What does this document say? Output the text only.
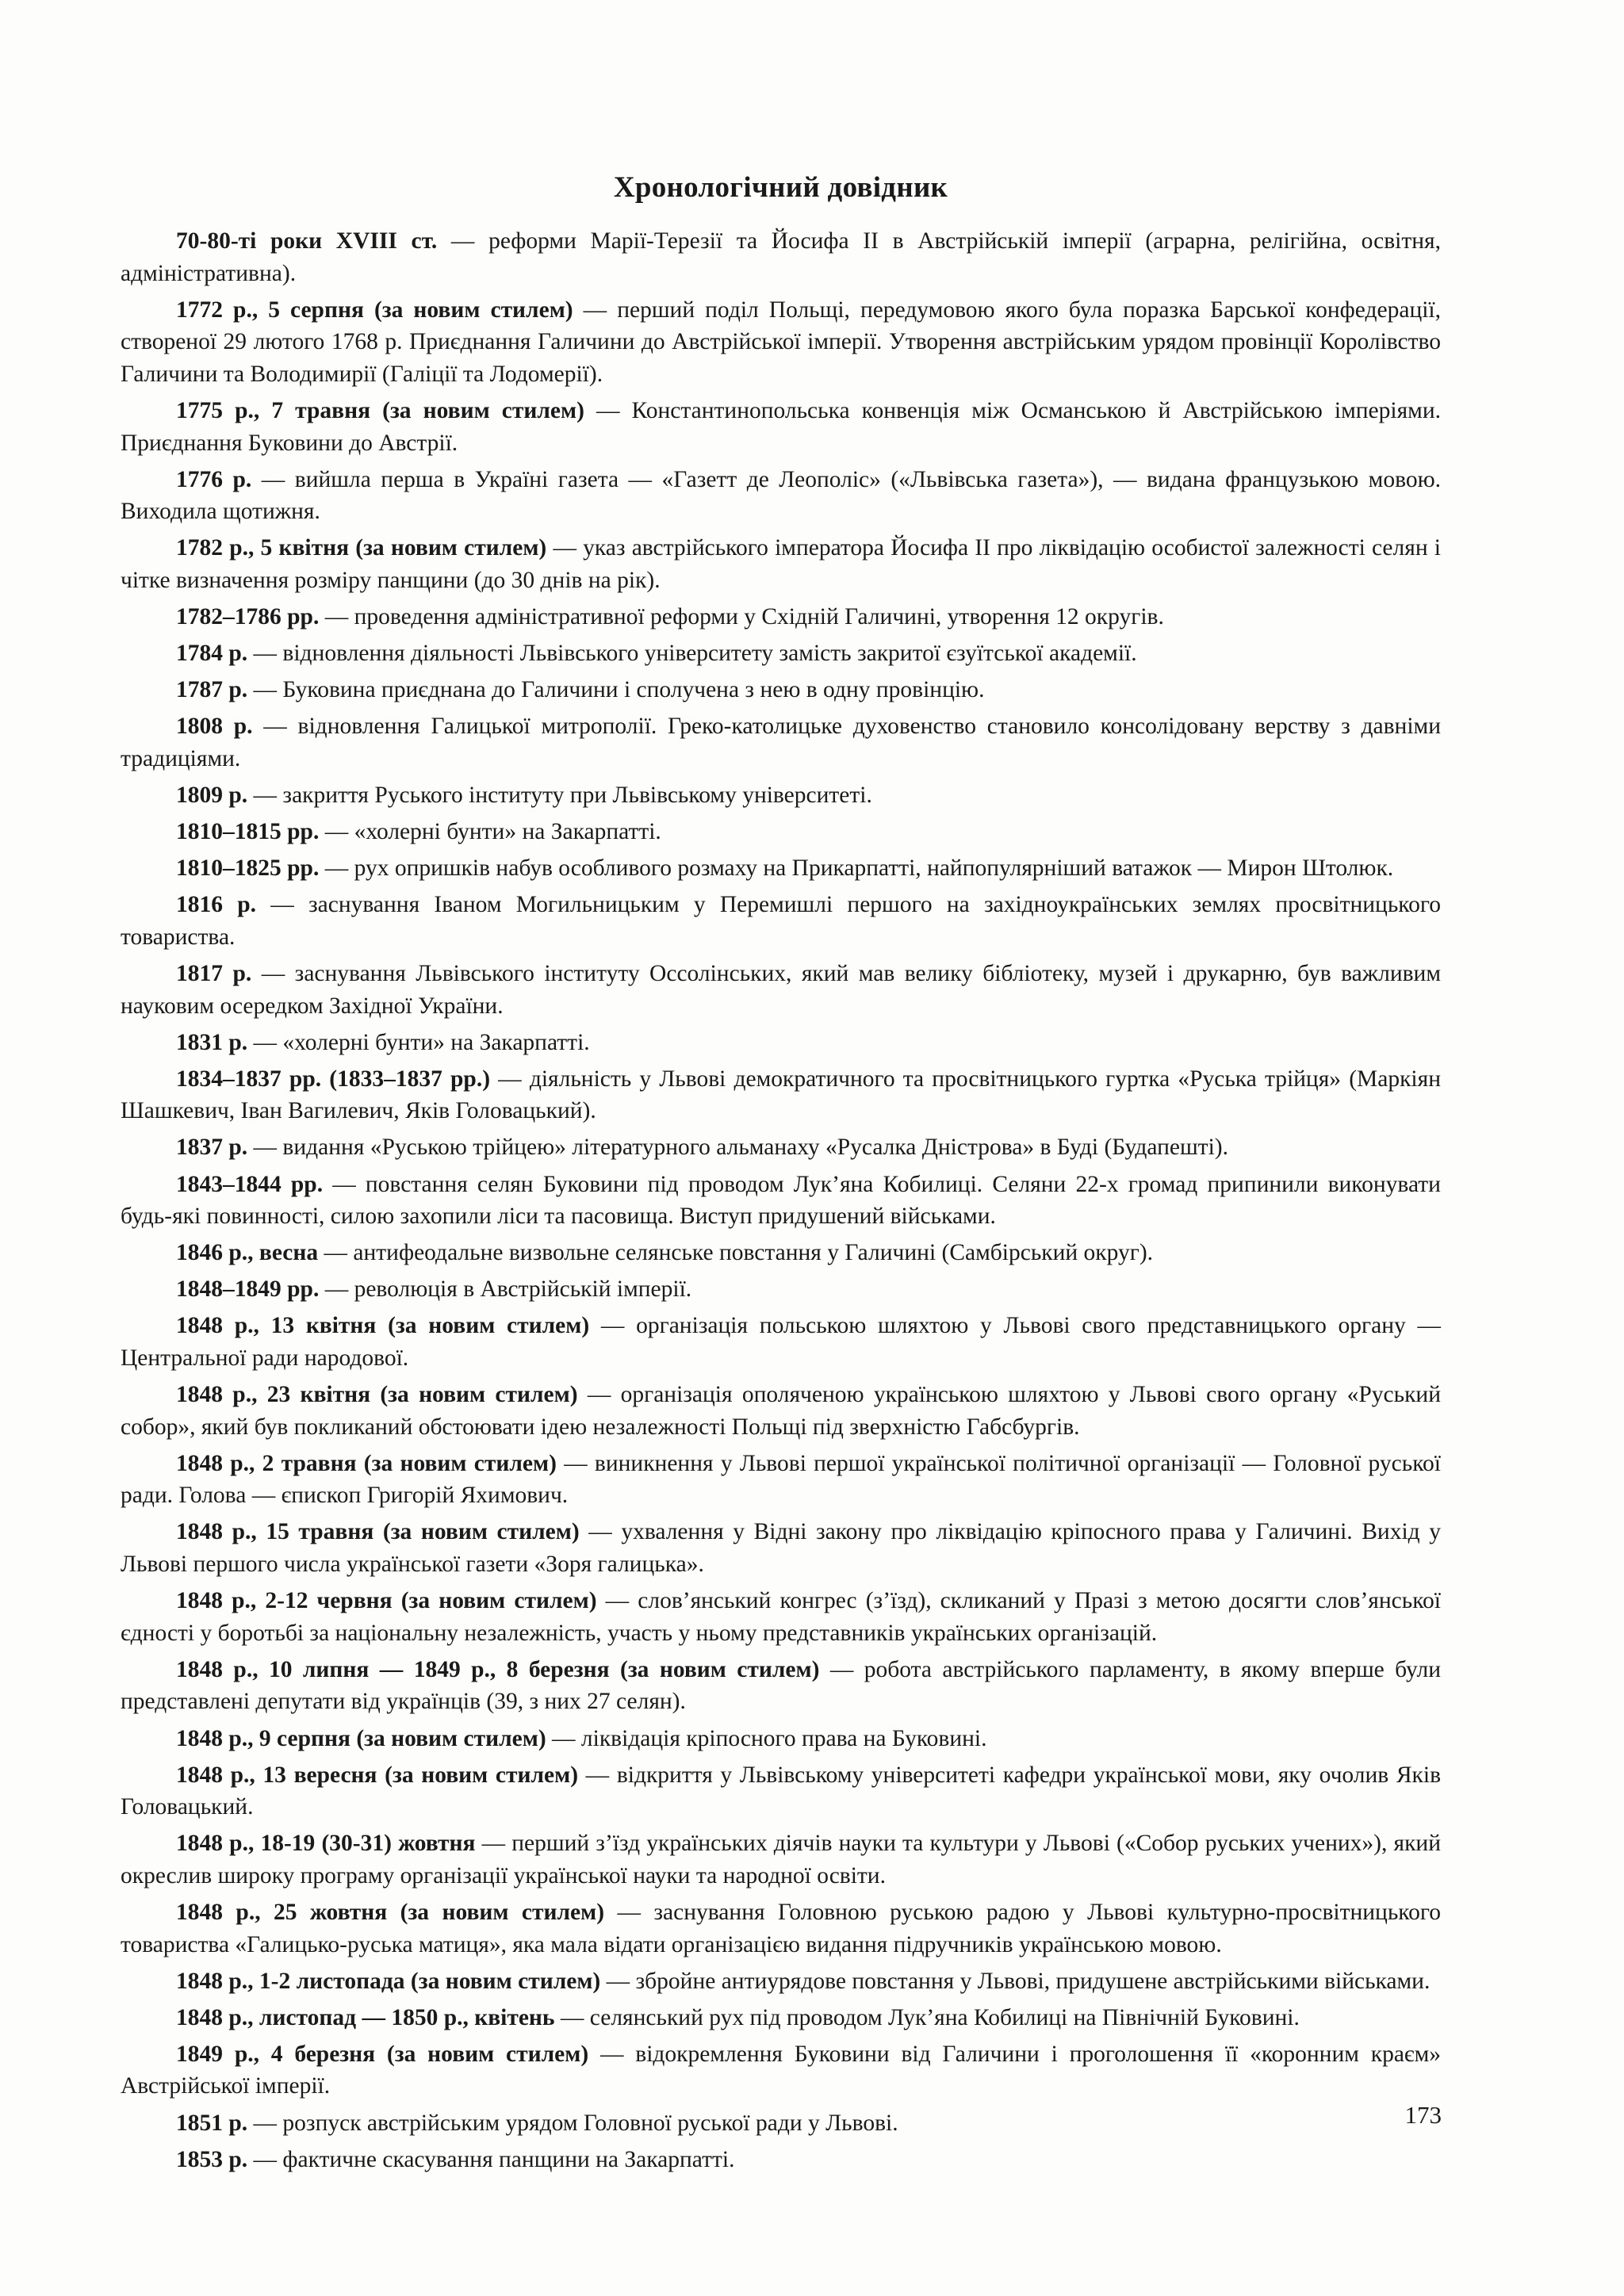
Хронологічний довідник

70-80-ті роки XVIII ст. — реформи Марії-Терезії та Йосифа II в Австрійській імперії (аграрна, релігійна, освітня, адміністративна).

1772 р., 5 серпня (за новим стилем) — перший поділ Польщі, передумовою якого була поразка Барської конфедерації, створеної 29 лютого 1768 р. Приєднання Галичини до Австрійської імперії. Утворення австрійським урядом провінції Королівство Галичини та Володимирії (Галіції та Лодомерії).

1775 р., 7 травня (за новим стилем) — Константинопольська конвенція між Османською й Австрійською імперіями. Приєднання Буковини до Австрії.

1776 р. — вийшла перша в Україні газета — «Газетт де Леополіс» («Львівська газета»), — видана французькою мовою. Виходила щотижня.

1782 р., 5 квітня (за новим стилем) — указ австрійського імператора Йосифа II про ліквідацію особистої залежності селян і чітке визначення розміру панщини (до 30 днів на рік).

1782–1786 рр. — проведення адміністративної реформи у Східній Галичині, утворення 12 округів.

1784 р. — відновлення діяльності Львівського університету замість закритої єзуїтської академії.

1787 р. — Буковина приєднана до Галичини і сполучена з нею в одну провінцію.

1808 р. — відновлення Галицької митрополії. Греко-католицьке духовенство становило консолідовану верству з давніми традиціями.

1809 р. — закриття Руського інституту при Львівському університеті.

1810–1815 рр. — «холерні бунти» на Закарпатті.

1810–1825 рр. — рух опришків набув особливого розмаху на Прикарпатті, найпопулярніший ватажок — Мирон Штолюк.

1816 р. — заснування Іваном Могильницьким у Перемишлі першого на західноукраїнських землях просвітницького товариства.

1817 р. — заснування Львівського інституту Оссолінських, який мав велику бібліотеку, музей і друкарню, був важливим науковим осередком Західної України.

1831 р. — «холерні бунти» на Закарпатті.

1834–1837 рр. (1833–1837 рр.) — діяльність у Львові демократичного та просвітницького гуртка «Руська трійця» (Маркіян Шашкевич, Іван Вагилевич, Яків Головацький).

1837 р. — видання «Руською трійцею» літературного альманаху «Русалка Дністрова» в Буді (Будапешті).

1843–1844 рр. — повстання селян Буковини під проводом Лук’яна Кобилиці. Селяни 22-х громад припинили виконувати будь-які повинності, силою захопили ліси та пасовища. Виступ придушений військами.

1846 р., весна — антифеодальне визвольне селянське повстання у Галичині (Самбірський округ).

1848–1849 рр. — революція в Австрійській імперії.

1848 р., 13 квітня (за новим стилем) — організація польською шляхтою у Львові свого представницького органу — Центральної ради народової.

1848 р., 23 квітня (за новим стилем) — організація ополяченою українською шляхтою у Львові свого органу «Руський собор», який був покликаний обстоювати ідею незалежності Польщі під зверхністю Габсбургів.

1848 р., 2 травня (за новим стилем) — виникнення у Львові першої української політичної організації — Головної руської ради. Голова — єпископ Григорій Яхимович.

1848 р., 15 травня (за новим стилем) — ухвалення у Відні закону про ліквідацію кріпосного права у Галичині. Вихід у Львові першого числа української газети «Зоря галицька».

1848 р., 2-12 червня (за новим стилем) — слов’янський конгрес (з’їзд), скликаний у Празі з метою досягти слов’янської єдності у боротьбі за національну незалежність, участь у ньому представників українських організацій.

1848 р., 10 липня — 1849 р., 8 березня (за новим стилем) — робота австрійського парламенту, в якому вперше були представлені депутати від українців (39, з них 27 селян).

1848 р., 9 серпня (за новим стилем) — ліквідація кріпосного права на Буковині.

1848 р., 13 вересня (за новим стилем) — відкриття у Львівському університеті кафедри української мови, яку очолив Яків Головацький.

1848 р., 18-19 (30-31) жовтня — перший з’їзд українських діячів науки та культури у Львові («Собор руських учених»), який окреслив широку програму організації української науки та народної освіти.

1848 р., 25 жовтня (за новим стилем) — заснування Головною руською радою у Львові культурно-просвітницького товариства «Галицько-руська матиця», яка мала відати організацією видання підручників українською мовою.

1848 р., 1-2 листопада (за новим стилем) — збройне антиурядове повстання у Львові, придушене австрійськими військами.

1848 р., листопад — 1850 р., квітень — селянський рух під проводом Лук’яна Кобилиці на Північній Буковині.

1849 р., 4 березня (за новим стилем) — відокремлення Буковини від Галичини і проголошення її «коронним краєм» Австрійської імперії.

1851 р. — розпуск австрійським урядом Головної руської ради у Львові.

1853 р. — фактичне скасування панщини на Закарпатті.

173
